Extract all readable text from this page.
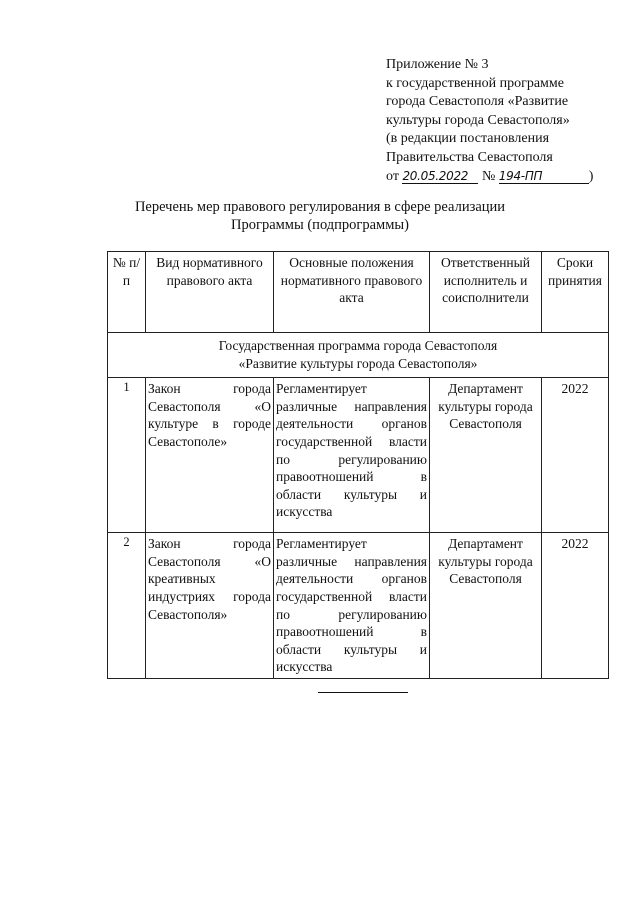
Приложение № 3
к государственной программе
города Севастополя «Развитие
культуры города Севастополя»
(в редакции постановления
Правительства Севастополя
от 20.05.2022 № 194-ПП	)
Перечень мер правового регулирования в сфере реализации
Программы (подпрограммы)
№ п/п	Вид нормативного правового акта	Основные положения нормативного правового акта	Ответственный исполнитель и соисполнители	Сроки принятия

Государственная программа города Севастополя
«Развитие культуры города Севастополя»				

1	Закон города Севастополя «О культуре в городе Севастополе»	Регламентирует различные направления деятельности органов государственной власти по регулированию правоотношений в области культуры и искусства	Департамент культуры города Севастополя	2022
2	Закон города Севастополя «О креативных индустриях города Севастополя»	Регламентирует различные направления деятельности органов государственной власти по регулированию правоотношений в области культуры и искусства	Департамент культуры города Севастополя	2022
